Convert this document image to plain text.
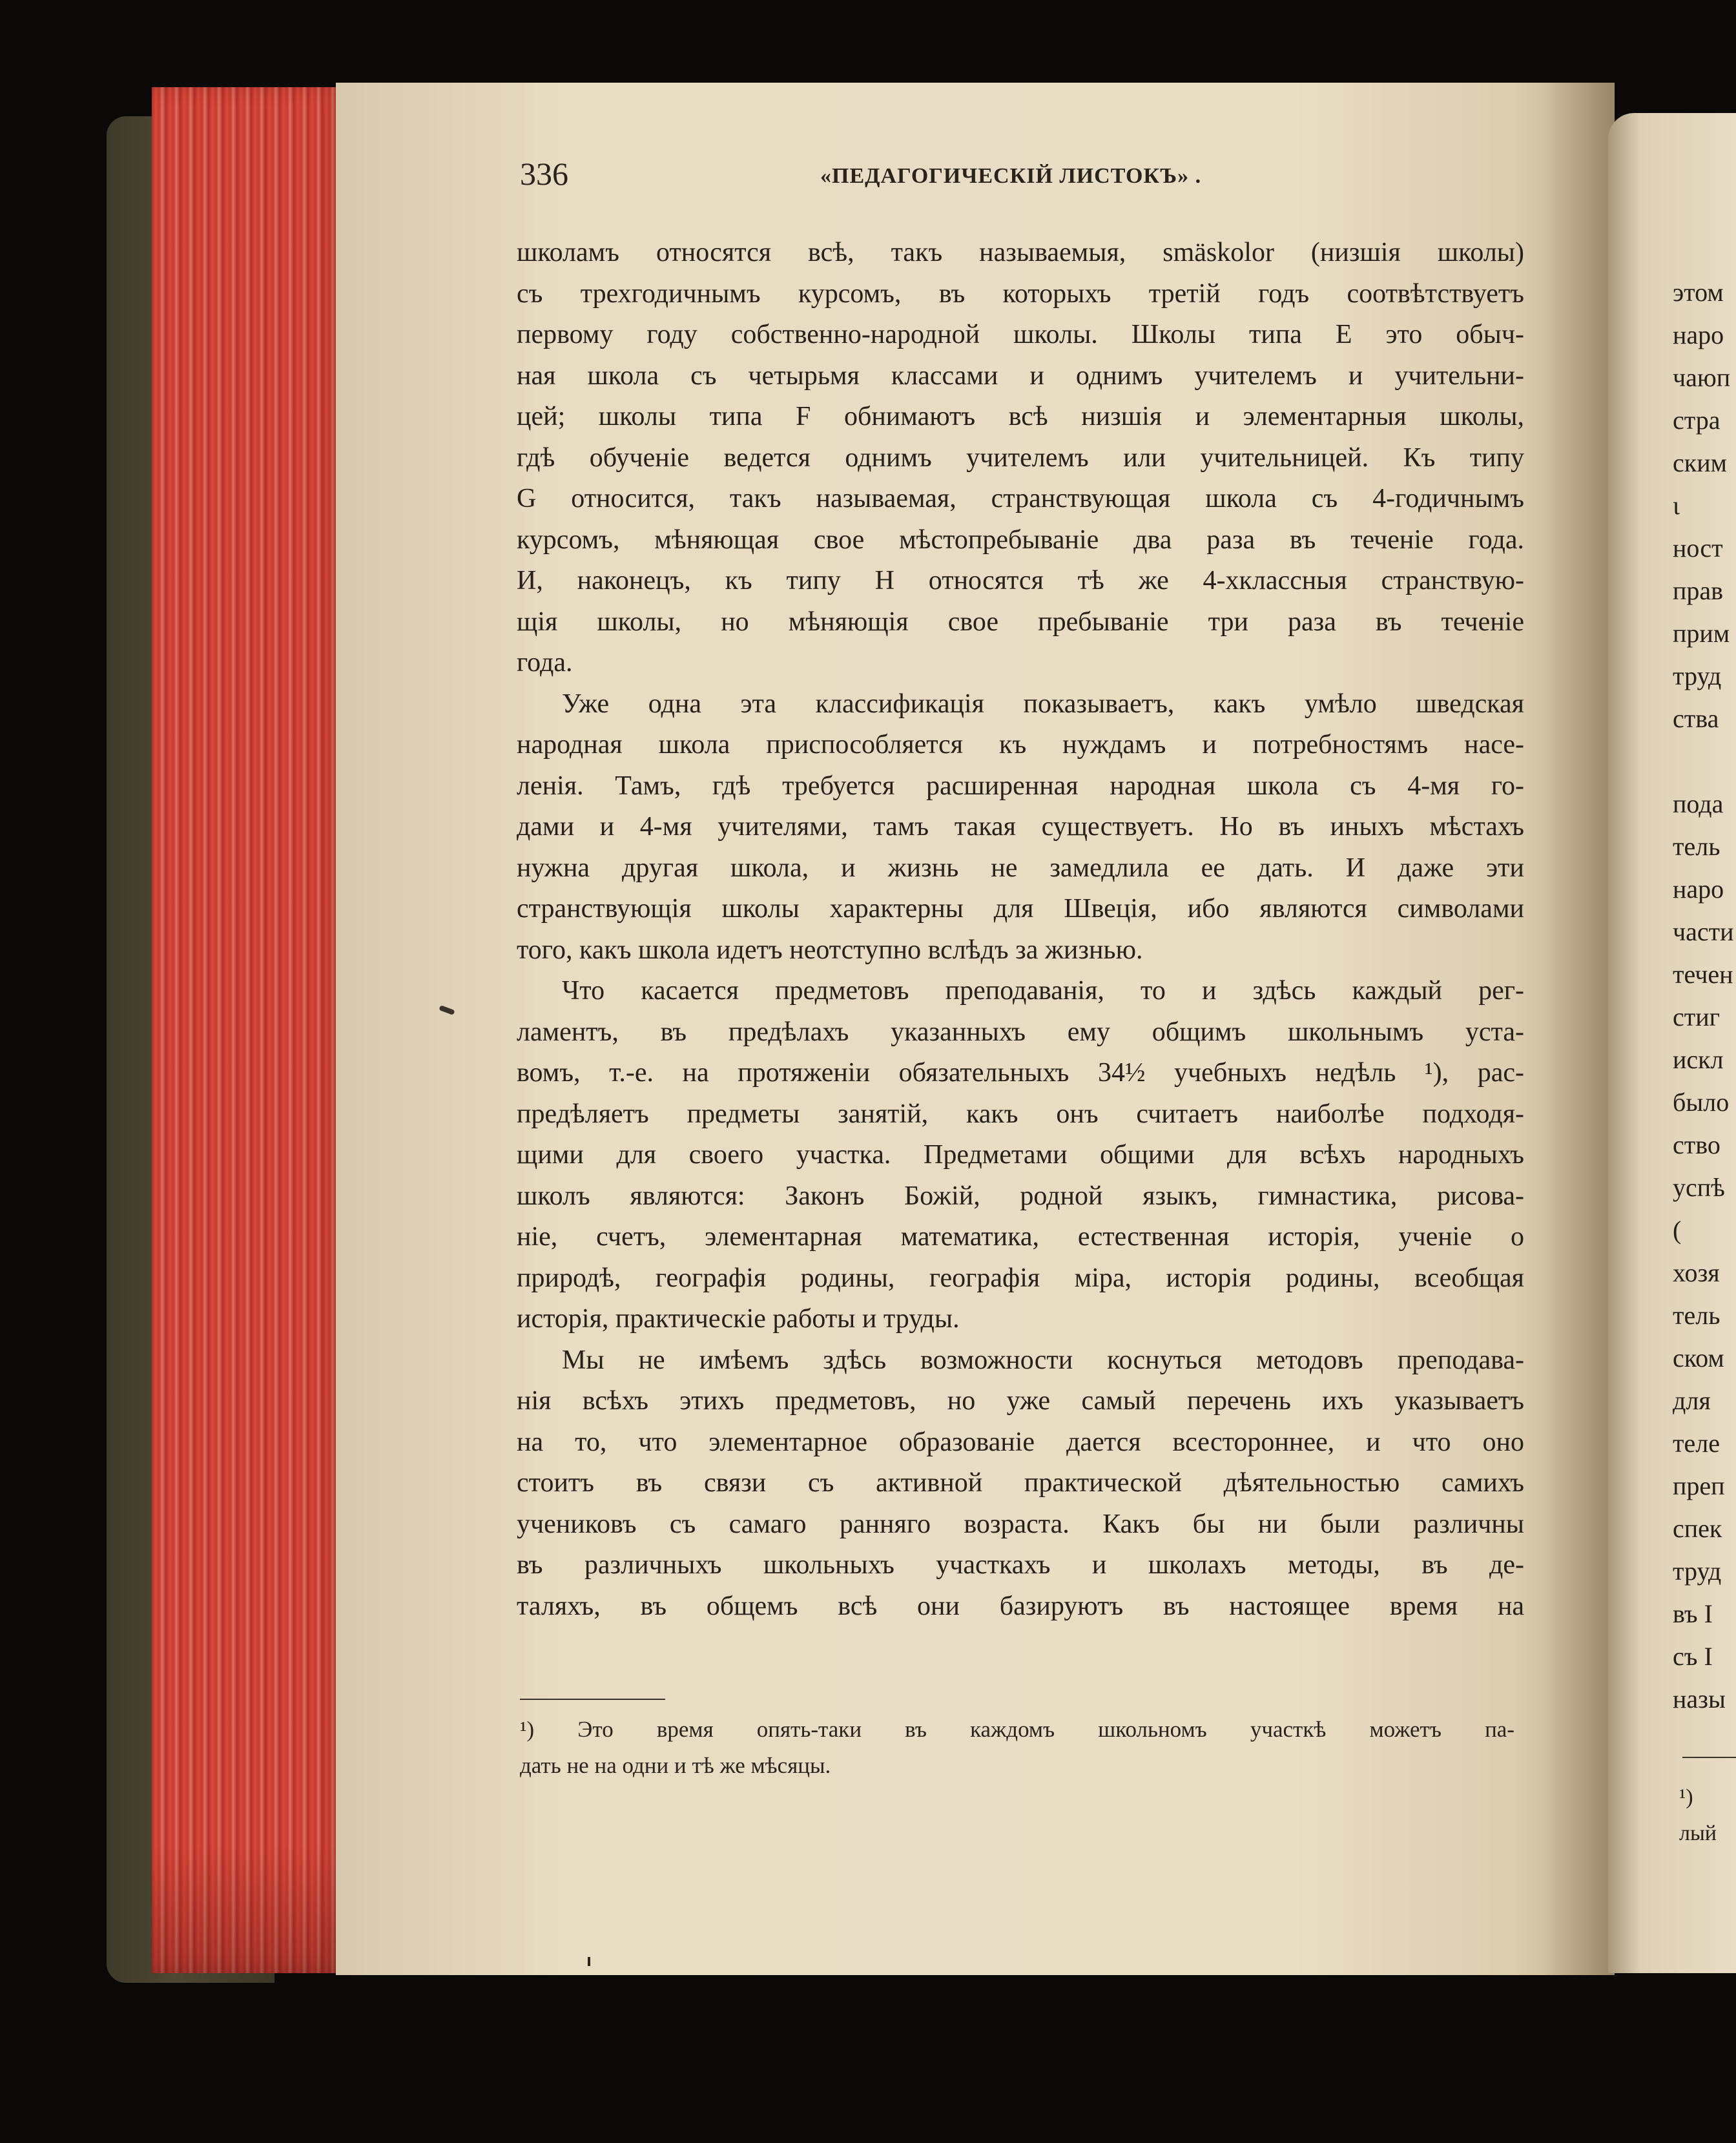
336	«ПЕДАГОГИЧЕСКIЙ ЛИСТОКЪ» .
школамъ относятся всѣ, такъ называемыя, smäskolor (низшія школы)
съ трехгодичнымъ курсомъ, въ которыхъ третій годъ соотвѣтствуетъ
первому году собственно-народной школы. Школы типа Е это обыч-
ная школа съ четырьмя классами и однимъ учителемъ и учительни-
цей; школы типа F обнимаютъ всѣ низшія и элементарныя школы,
гдѣ обученіе ведется однимъ учителемъ или учительницей. Къ типу
G относится, такъ называемая, странствующая школа съ 4-годичнымъ
курсомъ, мѣняющая свое мѣстопребываніе два раза въ теченіе года.
И, наконецъ, къ типу Н относятся тѣ же 4-хклассныя странствую-
щія школы, но мѣняющія свое пребываніе три раза въ теченіе
года.
Уже одна эта классификація показываетъ, какъ умѣло шведская
народная школа приспособляется къ нуждамъ и потребностямъ насе-
ленія. Тамъ, гдѣ требуется расширенная народная школа съ 4-мя го-
дами и 4-мя учителями, тамъ такая существуетъ. Но въ иныхъ мѣстахъ
нужна другая школа, и жизнь не замедлила ее дать. И даже эти
странствующія школы характерны для Швеція, ибо являются символами
того, какъ школа идетъ неотступно вслѣдъ за жизнью.
Что касается предметовъ преподаванія, то и здѣсь каждый рег-
ламентъ, въ предѣлахъ указанныхъ ему общимъ школьнымъ уста-
вомъ, т.-е. на протяженіи обязательныхъ 34½ учебныхъ недѣль ¹), рас-
предѣляетъ предметы занятій, какъ онъ считаетъ наиболѣе подходя-
щими для своего участка. Предметами общими для всѣхъ народныхъ
школъ являются: Законъ Божій, родной языкъ, гимнастика, рисова-
ніе, счетъ, элементарная математика, естественная исторія, ученіе о
природѣ, географія родины, географія міра, исторія родины, всеобщая
исторія, практическіе работы и труды.
Мы не имѣемъ здѣсь возможности коснуться методовъ преподава-
нія всѣхъ этихъ предметовъ, но уже самый перечень ихъ указываетъ
на то, что элементарное образованіе дается всестороннее, и что оно
стоитъ въ связи съ активной практической дѣятельностью самихъ
учениковъ съ самаго ранняго возраста. Какъ бы ни были различны
въ различныхъ школьныхъ участкахъ и школахъ методы, въ де-
таляхъ, въ общемъ всѣ они базируютъ въ настоящее время на
¹) Это время опять-таки въ каждомъ школьномъ участкѣ можетъ па-
дать не на одни и тѣ же мѣсяцы.
этом
наро
чаюп
стра
ским
ι
ност
прав
прим
труд
ства
пода
тель
наро
части
течен
стиг
искл
было
ство
успѣ
(
хозя
тель
ском
для
теле
преп
спек
труд
въ I
съ I
назы
¹)
лый
